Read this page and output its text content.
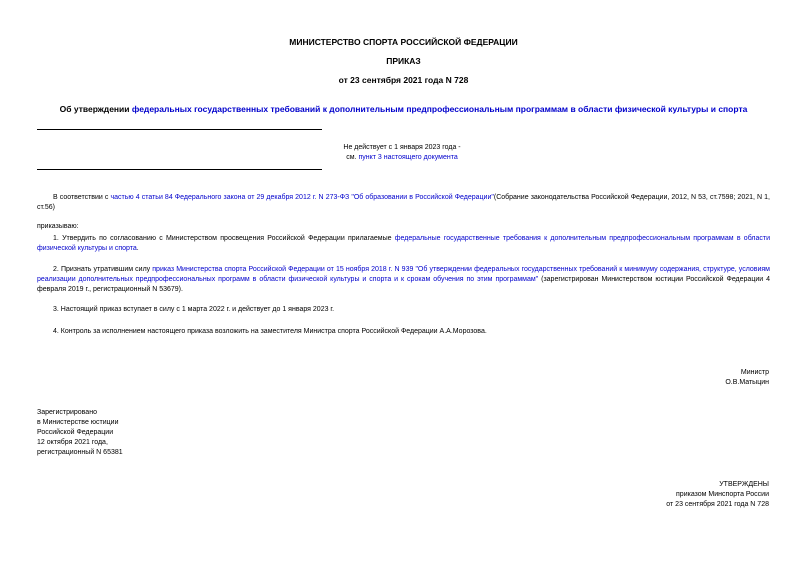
МИНИСТЕРСТВО СПОРТА РОССИЙСКОЙ ФЕДЕРАЦИИ
ПРИКАЗ
от 23 сентября 2021 года N 728
Об утверждении федеральных государственных требований к дополнительным предпрофессиональным программам в области физической культуры и спорта
Не действует с 1 января 2023 года -
см. пункт 3 настоящего документа
В соответствии с частью 4 статьи 84 Федерального закона от 29 декабря 2012 г. N 273-ФЗ "Об образовании в Российской Федерации"(Собрание законодательства Российской Федерации, 2012, N 53, ст.7598; 2021, N 1, ст.56)
приказываю:
1. Утвердить по согласованию с Министерством просвещения Российской Федерации прилагаемые федеральные государственные требования к дополнительным предпрофессиональным программам в области физической культуры и спорта.
2. Признать утратившим силу приказ Министерства спорта Российской Федерации от 15 ноября 2018 г. N 939 "Об утверждении федеральных государственных требований к минимуму содержания, структуре, условиям реализации дополнительных предпрофессиональных программ в области физической культуры и спорта и к срокам обучения по этим программам" (зарегистрирован Министерством юстиции Российской Федерации 4 февраля 2019 г., регистрационный N 53679).
3. Настоящий приказ вступает в силу с 1 марта 2022 г. и действует до 1 января 2023 г.
4. Контроль за исполнением настоящего приказа возложить на заместителя Министра спорта Российской Федерации А.А.Морозова.
Министр
О.В.Матыцин
Зарегистрировано
в Министерстве юстиции
Российской Федерации
12 октября 2021 года,
регистрационный N 65381
УТВЕРЖДЕНЫ
приказом Минспорта России
от 23 сентября 2021 года N 728
